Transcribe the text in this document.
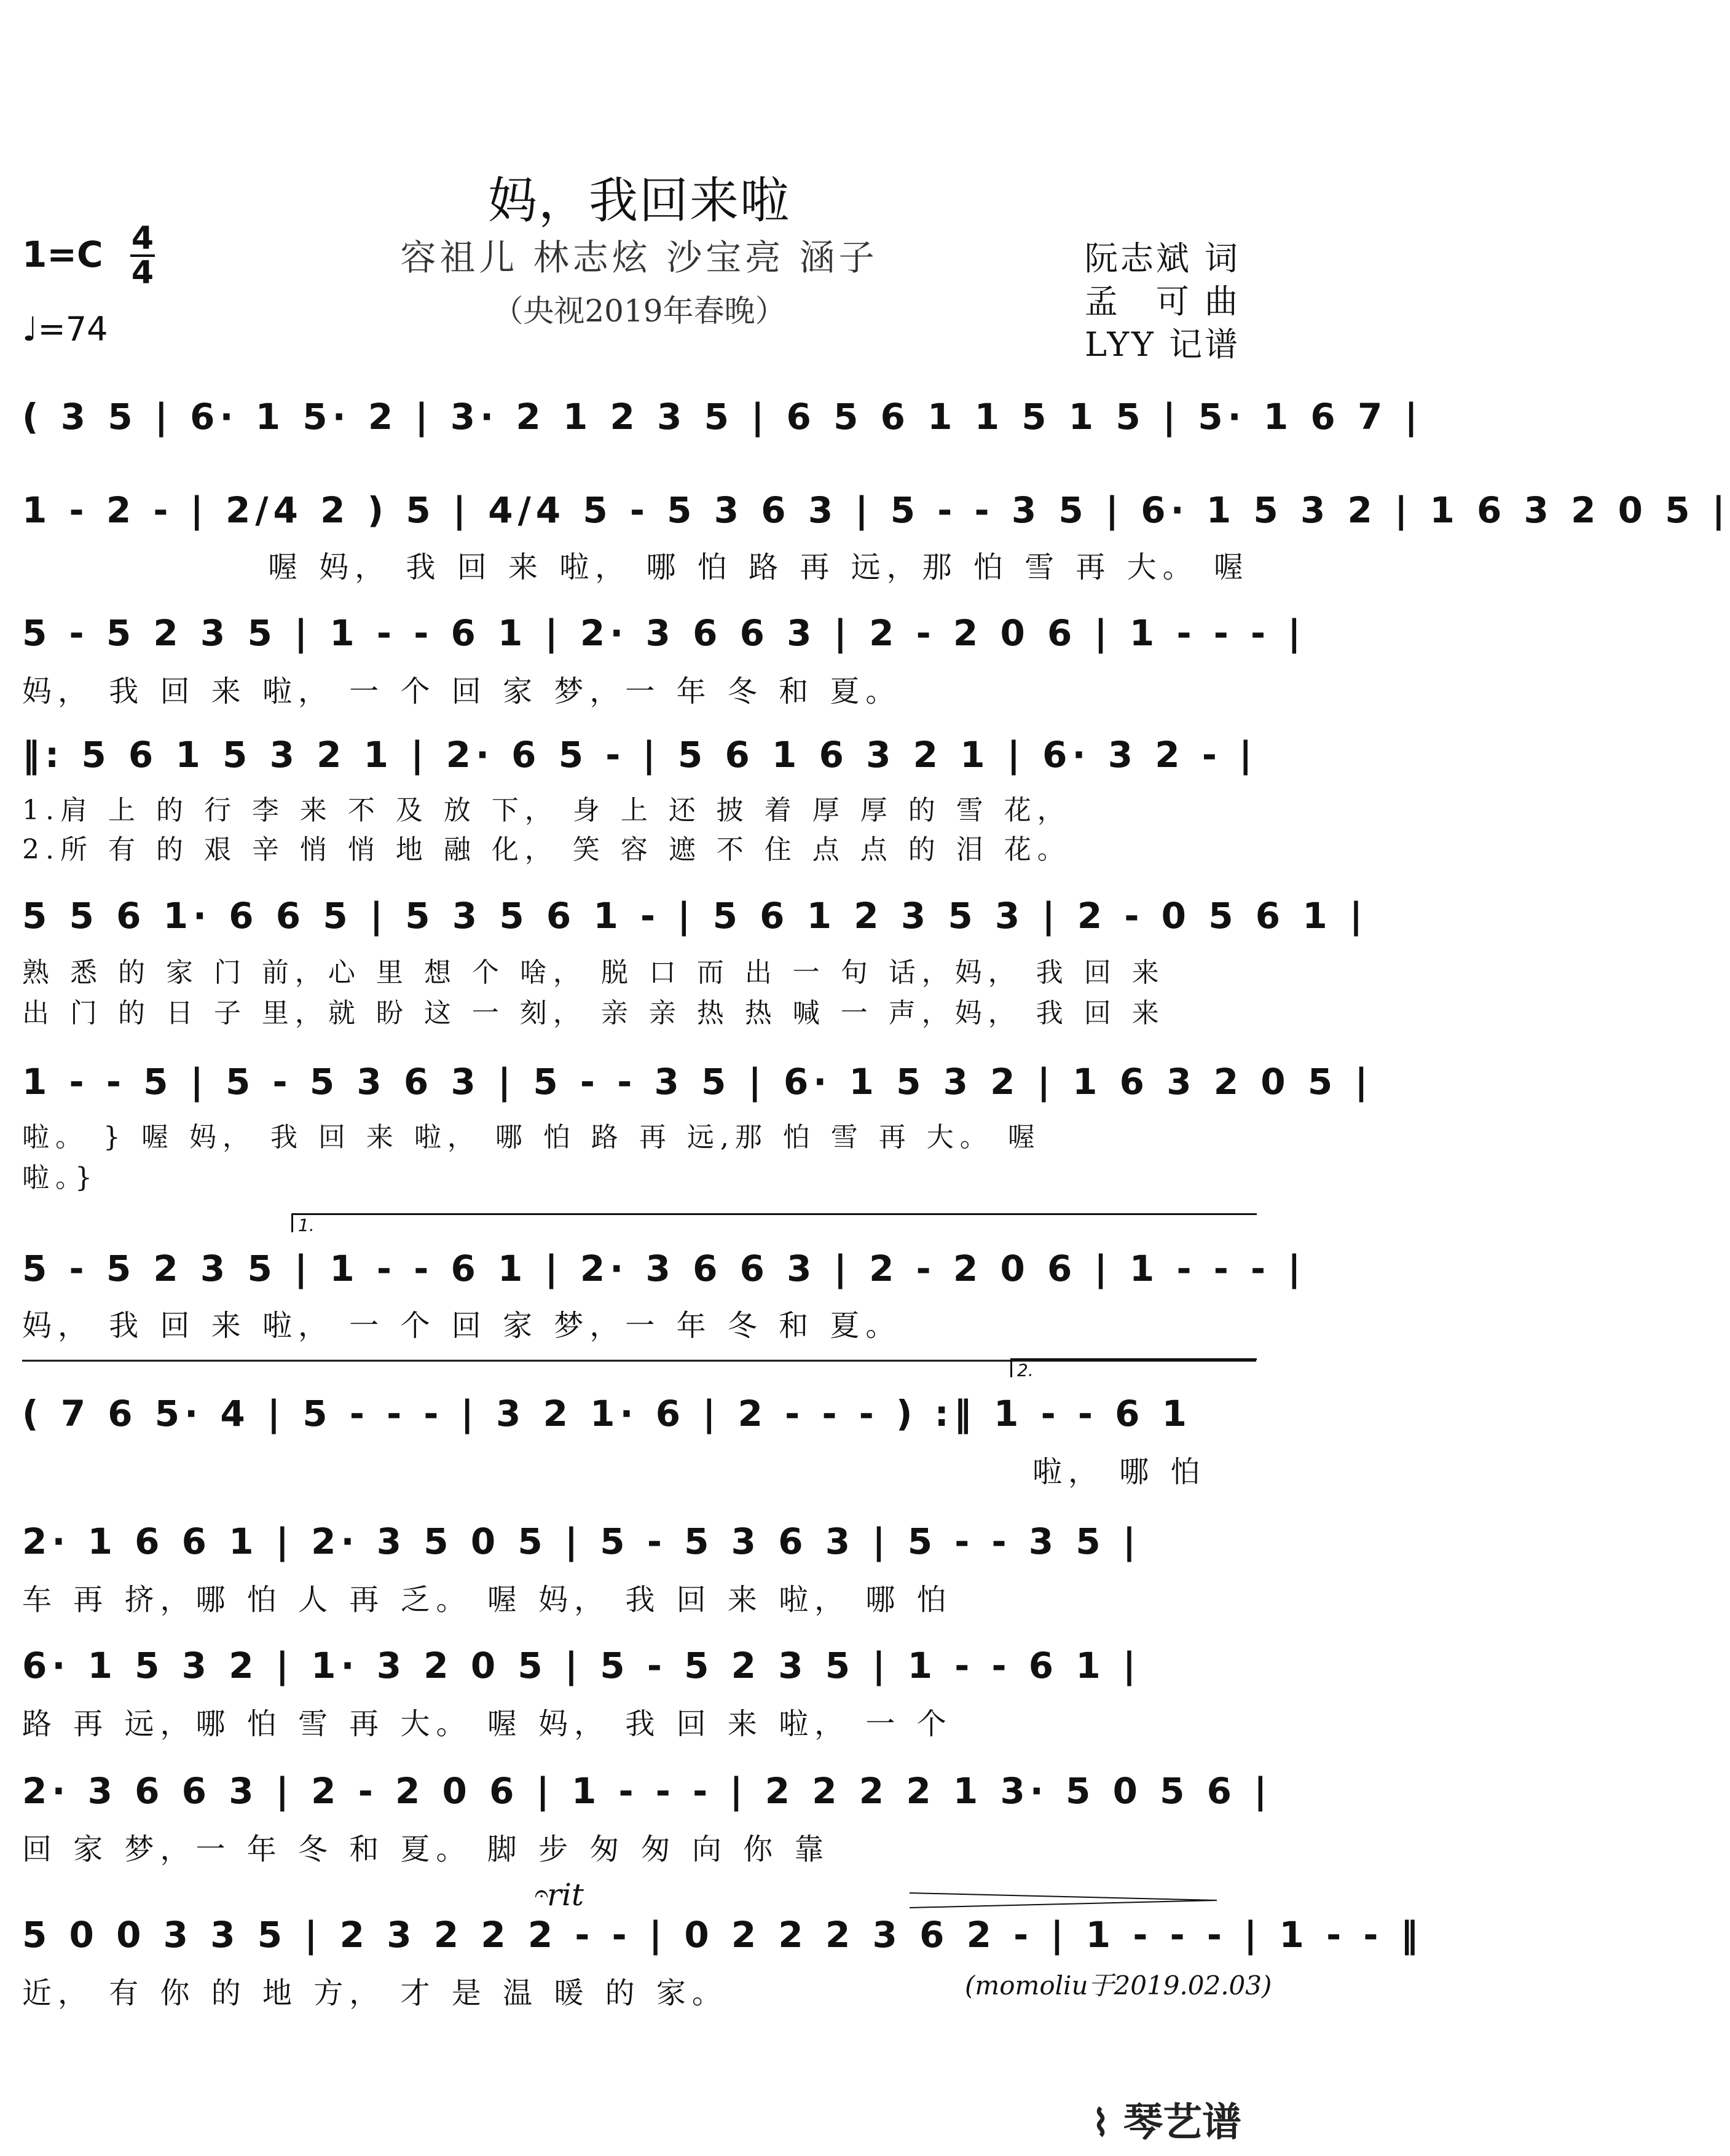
妈，我回来啦
1=C 4
4
♩=74
容祖儿 林志炫 沙宝亮 涵子
（央视2019年春晚）
阮志斌 词
孟　可 曲
LYY 记谱
( 3 5 | 6· 1 5· 2 | 3· 2 1 2 3 5 | 6 5 6 1 1 5 1 5 | 5· 1 6 7 |
1 - 2 - | 2/4 2 ) 5 | 4/4 5 - 5 3 6 3 | 5 - - 3 5 | 6· 1 5 3 2 | 1 6 3 2 0 5 |
喔 妈， 我 回 来 啦， 哪 怕 路 再 远，那 怕 雪 再 大。 喔
5 - 5 2 3 5 | 1 - - 6 1 | 2· 3 6 6 3 | 2 - 2 0 6 | 1 - - - |
妈， 我 回 来 啦， 一 个 回 家 梦，一 年 冬 和 夏。
‖: 5 6 1 5 3 2 1 | 2· 6 5 - | 5 6 1 6 3 2 1 | 6· 3 2 - |
1.肩 上 的 行 李 来 不 及 放 下， 身 上 还 披 着 厚 厚 的 雪 花，
2.所 有 的 艰 辛 悄 悄 地 融 化， 笑 容 遮 不 住 点 点 的 泪 花。
5 5 6 1· 6 6 5 | 5 3 5 6 1 - | 5 6 1 2 3 5 3 | 2 - 0 5 6 1 |
熟 悉 的 家 门 前，心 里 想 个 啥， 脱 口 而 出 一 句 话，妈， 我 回 来
出 门 的 日 子 里，就 盼 这 一 刻， 亲 亲 热 热 喊 一 声，妈， 我 回 来
1 - - 5 | 5 - 5 3 6 3 | 5 - - 3 5 | 6· 1 5 3 2 | 1 6 3 2 0 5 |
啦。 } 喔 妈， 我 回 来 啦， 哪 怕 路 再 远,那 怕 雪 再 大。 喔
啦。}
1.
5 - 5 2 3 5 | 1 - - 6 1 | 2· 3 6 6 3 | 2 - 2 0 6 | 1 - - - |
妈， 我 回 来 啦， 一 个 回 家 梦，一 年 冬 和 夏。
2.
( 7 6 5· 4 | 5 - - - | 3 2 1· 6 | 2 - - - ) :‖ 1 - - 6 1
啦， 哪 怕
2· 1 6 6 1 | 2· 3 5 0 5 | 5 - 5 3 6 3 | 5 - - 3 5 |
车 再 挤，哪 怕 人 再 乏。 喔 妈， 我 回 来 啦， 哪 怕
6· 1 5 3 2 | 1· 3 2 0 5 | 5 - 5 2 3 5 | 1 - - 6 1 |
路 再 远，哪 怕 雪 再 大。 喔 妈， 我 回 来 啦， 一 个
2· 3 6 6 3 | 2 - 2 0 6 | 1 - - - | 2 2 2 2 1 3· 5 0 5 6 |
回 家 梦，一 年 冬 和 夏。 脚 步 匆 匆 向 你 靠
𝄐
rit
5 0 0 3 3 5 | 2 3 2 2 2 - - | 0 2 2 2 3 6 2 - | 1 - - - | 1 - - ‖
近， 有 你 的 地 方， 才 是 温 暖 的 家。	(momoliu于2019.02.03)
⌇ 琴艺谱
